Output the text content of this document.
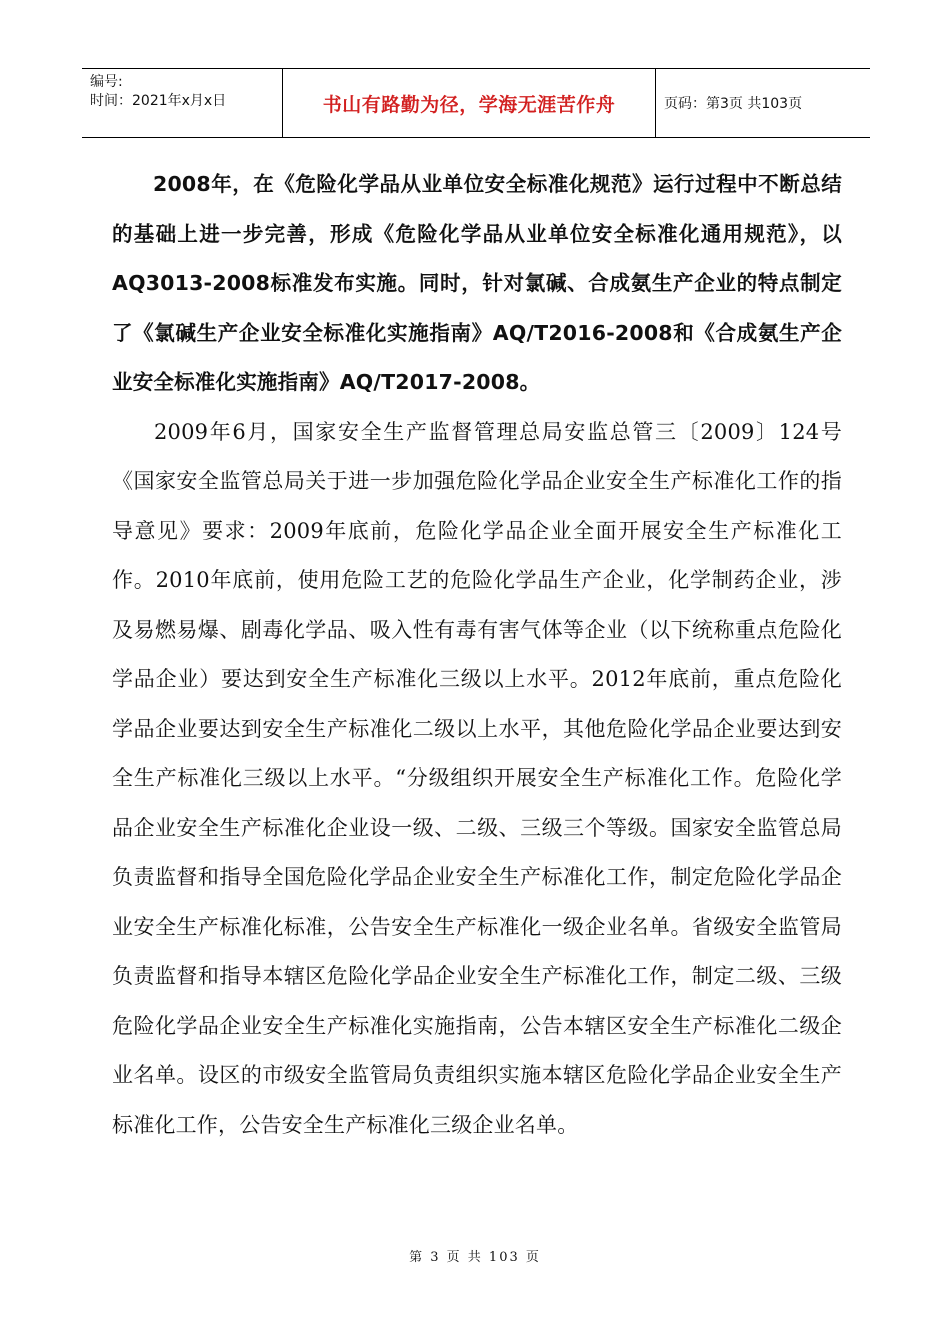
编号:
时间：2021年x月x日	书山有路勤为径，学海无涯苦作舟	页码：第3页 共103页

2008年，在《危险化学品从业单位安全标准化规范》运行过程中不断总结的基础上进一步完善，形成《危险化学品从业单位安全标准化通用规范》，以 AQ3013-2008标准发布实施。同时，针对氯碱、合成氨生产企业的特点制定了《氯碱生产企业安全标准化实施指南》AQ/T2016-2008和《合成氨生产企业安全标准化实施指南》AQ/T2017-2008。

2009年6月，国家安全生产监督管理总局安监总管三〔2009〕124号《国家安全监管总局关于进一步加强危险化学品企业安全生产标准化工作的指导意见》要求：2009年底前，危险化学品企业全面开展安全生产标准化工作。2010年底前，使用危险工艺的危险化学品生产企业，化学制药企业，涉及易燃易爆、剧毒化学品、吸入性有毒有害气体等企业（以下统称重点危险化学品企业）要达到安全生产标准化三级以上水平。2012年底前，重点危险化学品企业要达到安全生产标准化二级以上水平，其他危险化学品企业要达到安全生产标准化三级以上水平。“分级组织开展安全生产标准化工作。危险化学品企业安全生产标准化企业设一级、二级、三级三个等级。国家安全监管总局负责监督和指导全国危险化学品企业安全生产标准化工作，制定危险化学品企业安全生产标准化标准，公告安全生产标准化一级企业名单。省级安全监管局负责监督和指导本辖区危险化学品企业安全生产标准化工作，制定二级、三级危险化学品企业安全生产标准化实施指南，公告本辖区安全生产标准化二级企业名单。设区的市级安全监管局负责组织实施本辖区危险化学品企业安全生产标准化工作，公告安全生产标准化三级企业名单。

第 3 页 共 103 页
